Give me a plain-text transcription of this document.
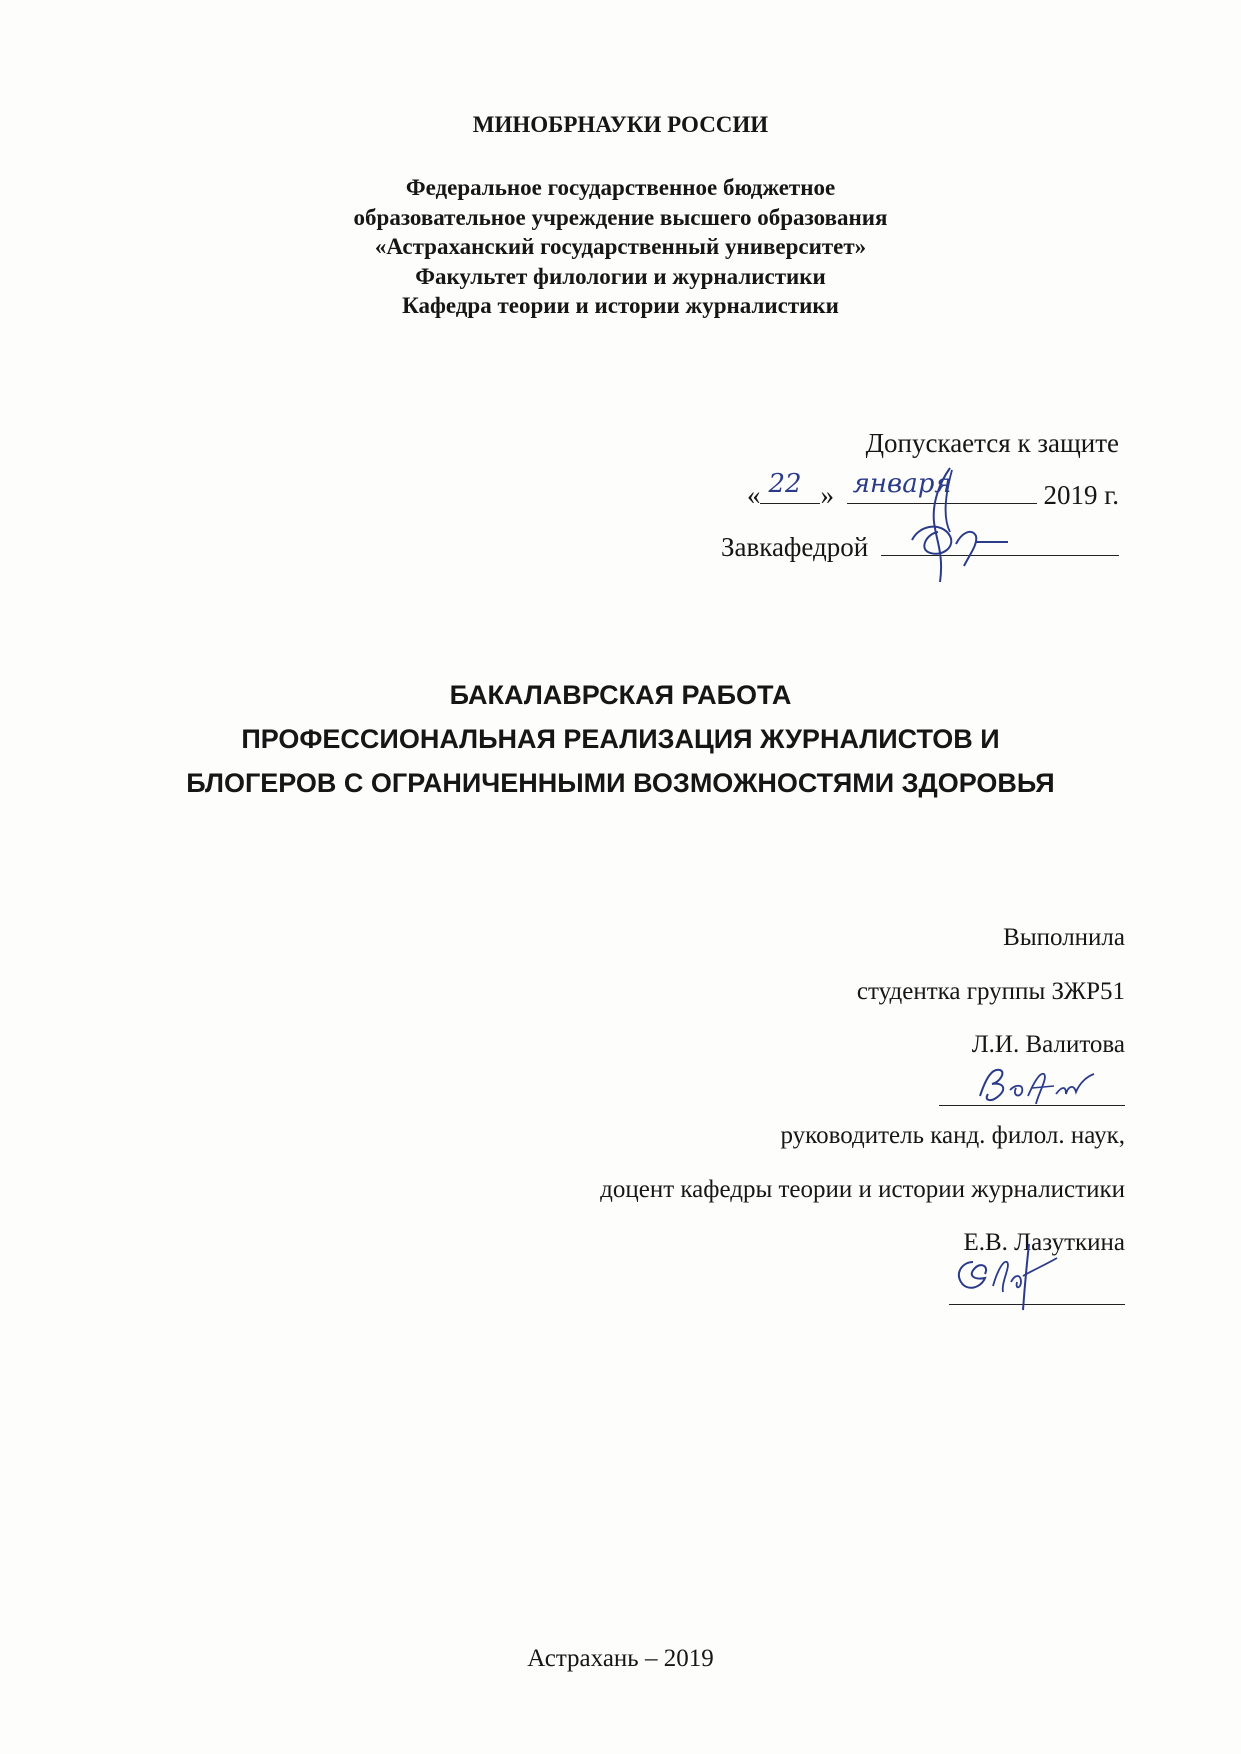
МИНОБРНАУКИ РОССИИ
Федеральное государственное бюджетное
образовательное учреждение высшего образования
«Астраханский государственный университет»
Факультет филологии и журналистики
Кафедра теории и истории журналистики
Допускается к защите
« 22 » января	2019 г.
Завкафедрой
БАКАЛАВРСКАЯ РАБОТА
ПРОФЕССИОНАЛЬНАЯ РЕАЛИЗАЦИЯ ЖУРНАЛИСТОВ И
БЛОГЕРОВ С ОГРАНИЧЕННЫМИ ВОЗМОЖНОСТЯМИ ЗДОРОВЬЯ
Выполнила
студентка группы ЗЖР51
Л.И. Валитова
руководитель канд. филол. наук,
доцент кафедры теории и истории журналистики
Е.В. Лазуткина
Астрахань – 2019
